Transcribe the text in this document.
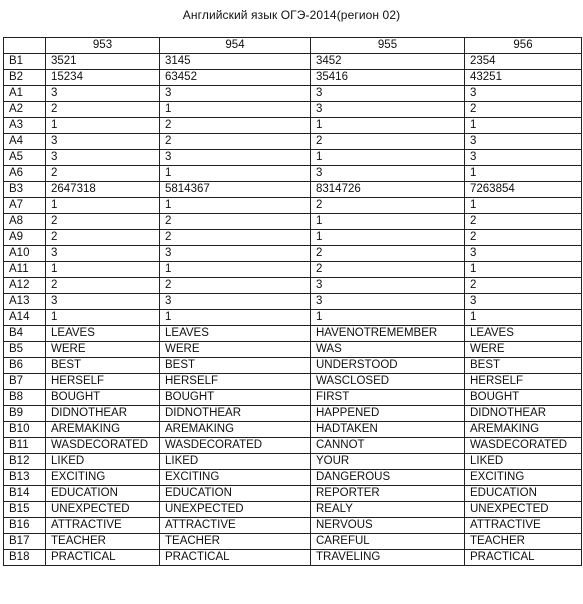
Английский язык ОГЭ-2014(регион 02)
	953	954	955	956
B1	3521	3145	3452	2354
B2	15234	63452	35416	43251
A1	3	3	3	3
A2	2	1	3	2
A3	1	2	1	1
A4	3	2	2	3
A5	3	3	1	3
A6	2	1	3	1
B3	2647318	5814367	8314726	7263854
A7	1	1	2	1
A8	2	2	1	2
A9	2	2	1	2
A10	3	3	2	3
A11	1	1	2	1
A12	2	2	3	2
A13	3	3	3	3
A14	1	1	1	1
B4	LEAVES	LEAVES	HAVENOTREMEMBER	LEAVES
B5	WERE	WERE	WAS	WERE
B6	BEST	BEST	UNDERSTOOD	BEST
B7	HERSELF	HERSELF	WASCLOSED	HERSELF
B8	BOUGHT	BOUGHT	FIRST	BOUGHT
B9	DIDNOTHEAR	DIDNOTHEAR	HAPPENED	DIDNOTHEAR
B10	AREMAKING	AREMAKING	HADTAKEN	AREMAKING
B11	WASDECORATED	WASDECORATED	CANNOT	WASDECORATED
B12	LIKED	LIKED	YOUR	LIKED
B13	EXCITING	EXCITING	DANGEROUS	EXCITING
B14	EDUCATION	EDUCATION	REPORTER	EDUCATION
B15	UNEXPECTED	UNEXPECTED	REALY	UNEXPECTED
B16	ATTRACTIVE	ATTRACTIVE	NERVOUS	ATTRACTIVE
B17	TEACHER	TEACHER	CAREFUL	TEACHER
B18	PRACTICAL	PRACTICAL	TRAVELING	PRACTICAL
